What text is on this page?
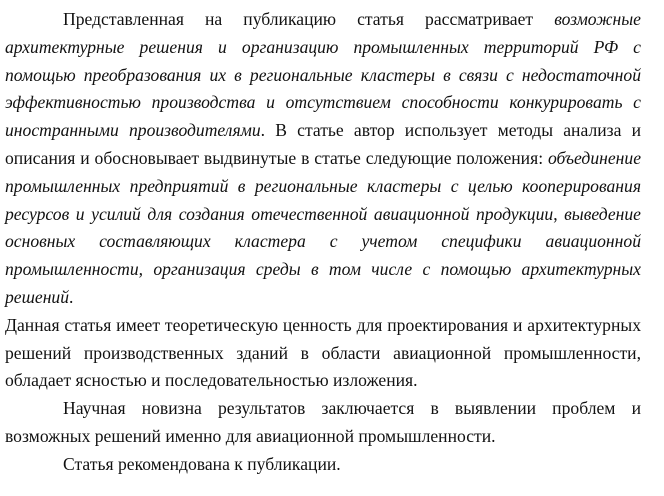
Представленная на публикацию статья рассматривает возможные архитектурные решения и организацию промышленных территорий РФ с помощью преобразования их в региональные кластеры в связи с недостаточной эффективностью производства и отсутствием способности конкурировать с иностранными производителями. В статье автор использует методы анализа и описания и обосновывает выдвинутые в статье следующие положения: объединение промышленных предприятий в региональные кластеры с целью кооперирования ресурсов и усилий для создания отечественной авиационной продукции, выведение основных составляющих кластера с учетом специфики авиационной промышленности, организация среды в том числе с помощью архитектурных решений.

Данная статья имеет теоретическую ценность для проектирования и архитектурных решений производственных зданий в области авиационной промышленности, обладает ясностью и последовательностью изложения.

Научная новизна результатов заключается в выявлении проблем и возможных решений именно для авиационной промышленности.

Статья рекомендована к публикации.
